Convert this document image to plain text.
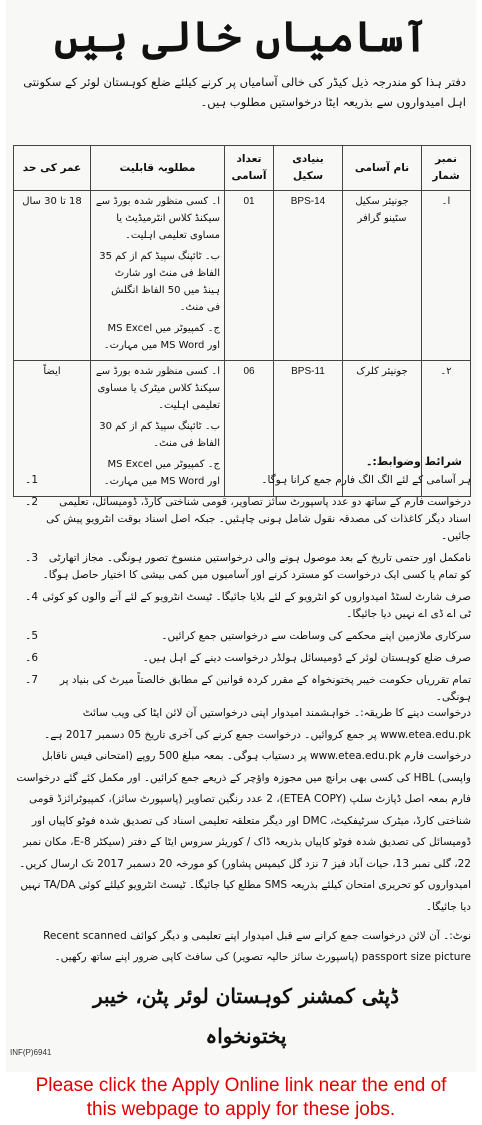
آسامیاں خالی ہیں
دفتر ہذا کو مندرجہ ذیل کیڈر کی خالی آسامیاں پر کرنے کیلئے ضلع کوہستان لوئر کے سکونتی اہل امیدواروں سے بذریعہ ایٹا درخواستیں مطلوب ہیں۔
نمبر شمار	نام آسامی	بنیادی سکیل	تعداد آسامی	مطلوبہ قابلیت	عمر کی حد
ا۔	جونیئر سکیل سٹینو گرافر	BPS-14	01	ا۔ کسی منظور شدہ بورڈ سے سیکنڈ کلاس انٹرمیڈیٹ یا مساوی تعلیمی اہلیت۔
ب۔ ٹائپنگ سپیڈ کم از کم 35 الفاظ فی منٹ اور شارٹ ہینڈ میں 50 الفاظ انگلش فی منٹ۔
ج۔ کمپیوٹر میں MS Excel اور MS Word میں مہارت۔	18 تا 30 سال
۲۔	جونیئر کلرک	BPS-11	06	ا۔ کسی منظور شدہ بورڈ سے سیکنڈ کلاس میٹرک یا مساوی تعلیمی اہلیت۔
ب۔ ٹائپنگ سپیڈ کم از کم 30 الفاظ فی منٹ۔
ج۔ کمپیوٹر میں MS Excel اور MS Word میں مہارت۔	ایضاً
شرائط وضوابط:۔
1۔	ہر آسامی کے لئے الگ الگ فارم جمع کرانا ہوگا۔
2۔	درخواست فارم کے ساتھ دو عدد پاسپورٹ سائز تصاویر، قومی شناختی کارڈ، ڈومیسائل، تعلیمی اسناد دیگر کاغذات کی مصدقہ نقول شامل ہونی چاہئیں۔ جبکہ اصل اسناد بوقت انٹرویو پیش کی جائیں۔
3۔	نامکمل اور حتمی تاریخ کے بعد موصول ہونے والی درخواستیں منسوخ تصور ہونگی۔ مجاز اتھارٹی کو تمام یا کسی ایک درخواست کو مسترد کرنے اور آسامیوں میں کمی بیشی کا اختیار حاصل ہوگا۔
4۔ صرف شارٹ لسٹڈ امیدواروں کو انٹرویو کے لئے بلایا جائیگا۔ ٹیسٹ انٹرویو کے لئے آنے والوں کو کوئی ٹی اے ڈی اے نہیں دیا جائیگا۔
5۔	سرکاری ملازمین اپنے محکمے کی وساطت سے درخواستیں جمع کرائیں۔
6۔	صرف ضلع کوہستان لوئر کے ڈومیسائل ہولڈر درخواست دینے کے اہل ہیں۔
7۔	تمام تقرریاں حکومت خیبر پختونخواہ کے مقرر کردہ قوانین کے مطابق خالصتاً میرٹ کی بنیاد پر ہونگی۔
درخواست دینے کا طریقہ:۔ خواہشمند امیدوار اپنی درخواستیں آن لائن ایٹا کی ویب سائٹ www.etea.edu.pk پر جمع کروائیں۔ درخواست جمع کرنے کی آخری تاریخ 05 دسمبر 2017 ہے۔ درخواست فارم www.etea.edu.pk پر دستیاب ہوگی۔ بمعہ مبلغ 500 روپے (امتحانی فیس ناقابل واپسی) HBL کی کسی بھی برانچ میں مجوزہ واؤچر کے ذریعے جمع کرائیں۔ اور مکمل کئے گئے درخواست فارم بمعہ اصل ڈپازٹ سلپ (ETEA COPY)، 2 عدد رنگین تصاویر (پاسپورٹ سائز)، کمپیوٹرائزڈ قومی شناختی کارڈ، میٹرک سرٹیفکیٹ، DMC اور دیگر متعلقہ تعلیمی اسناد کی تصدیق شدہ فوٹو کاپیاں اور ڈومیسائل کی تصدیق شدہ فوٹو کاپیاں بذریعہ ڈاک / کوریئر سروس ایٹا کے دفتر (سیکٹر E-8، مکان نمبر 22، گلی نمبر 13، حیات آباد فیز 7 نزد گل کیمپس پشاور) کو مورخہ 20 دسمبر 2017 تک ارسال کریں۔ امیدواروں کو تحریری امتحان کیلئے بذریعہ SMS مطلع کیا جائیگا۔ ٹیسٹ انٹرویو کیلئے کوئی TA/DA نہیں دیا جائیگا۔
نوٹ:۔ آن لائن درخواست جمع کرانے سے قبل امیدوار اپنے تعلیمی و دیگر کوائف Recent scanned passport size picture (پاسپورٹ سائز حالیہ تصویر) کی سافٹ کاپی ضرور اپنے ساتھ رکھیں۔
ڈپٹی کمشنر کوہستان لوئر پٹن، خیبر پختونخواہ
INF(P)6941
Please click the Apply Online link near the end of
this webpage to apply for these jobs.
